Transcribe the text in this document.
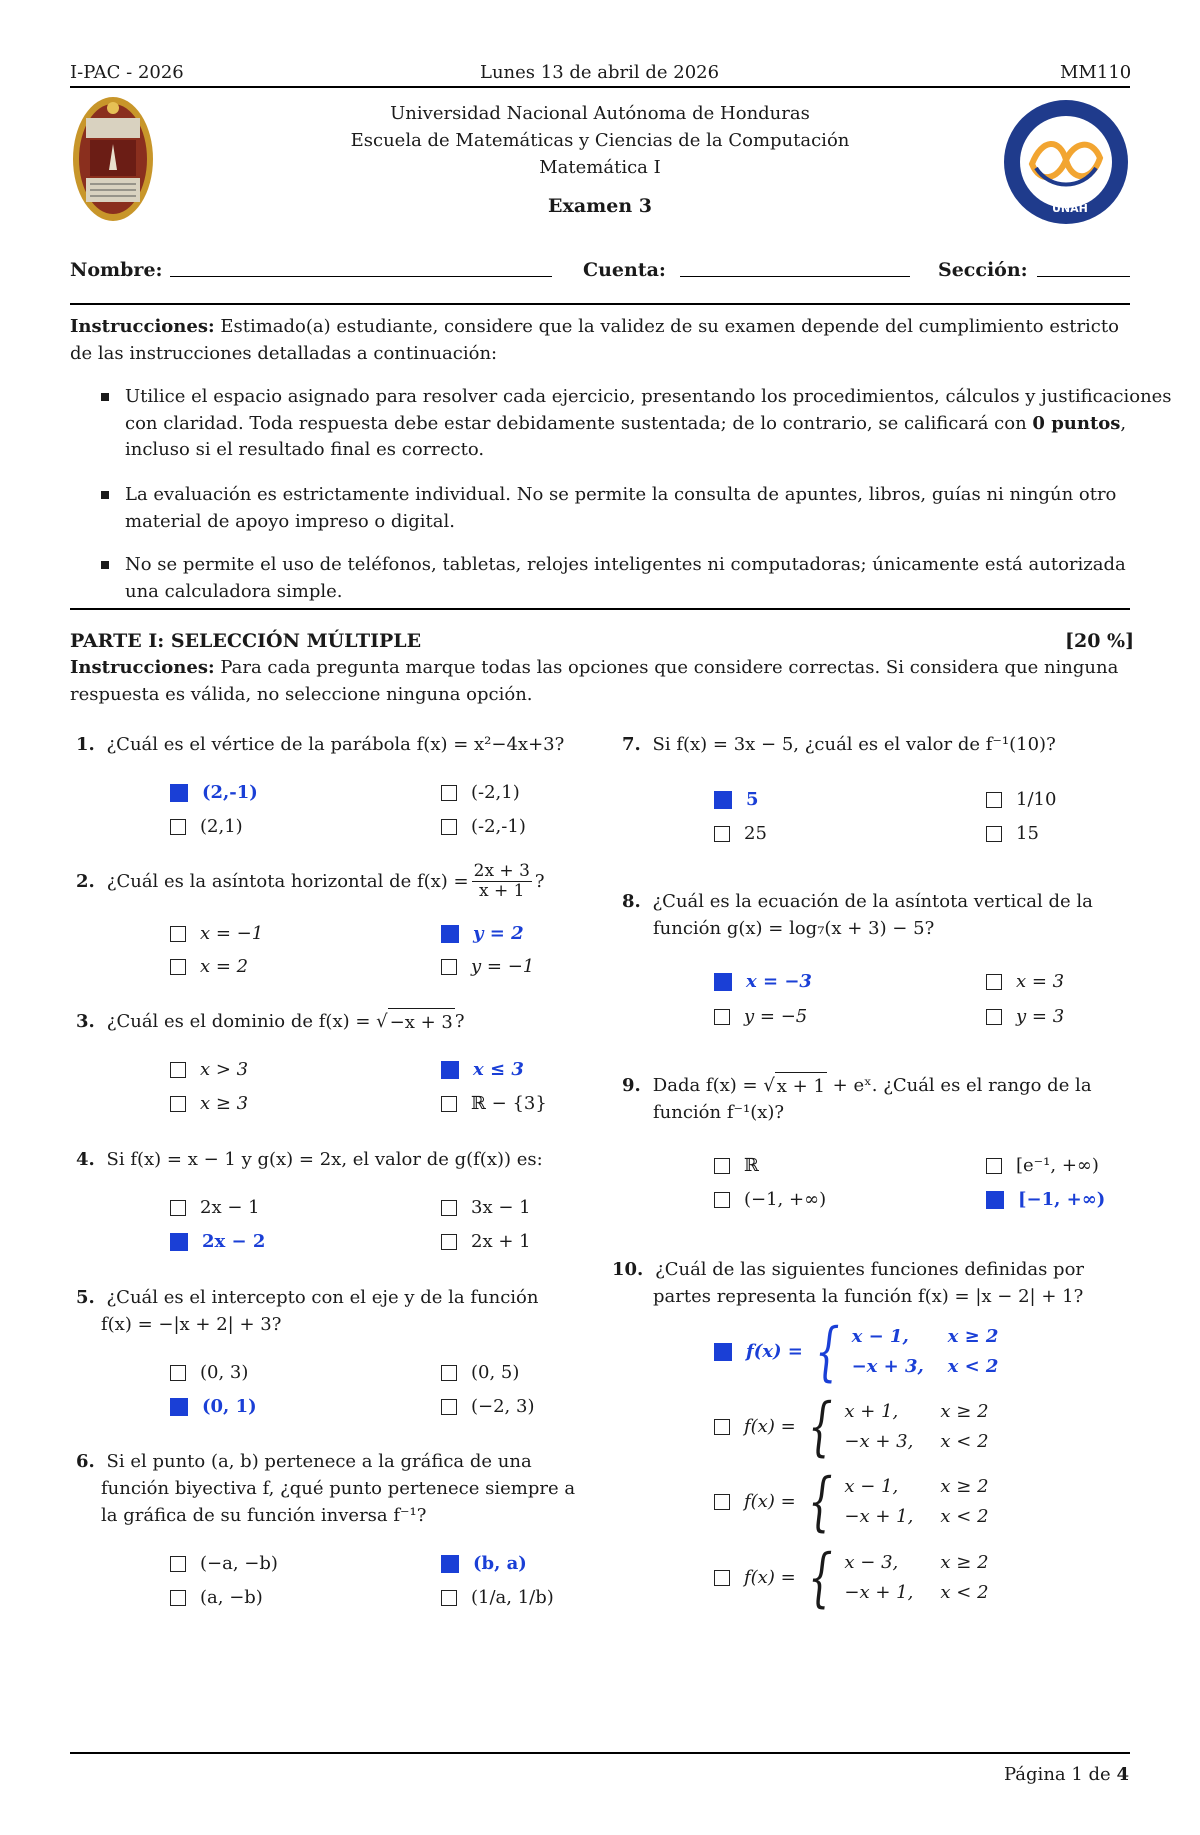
I-PAC - 2026	Lunes 13 de abril de 2026	MM110
UNAH
Universidad Nacional Autónoma de Honduras
Escuela de Matemáticas y Ciencias de la Computación
Matemática I
Examen 3
Nombre:	Cuenta:	Sección:
Instrucciones: Estimado(a) estudiante, considere que la validez de su examen depende del cumplimiento estricto
de las instrucciones detalladas a continuación:
Utilice el espacio asignado para resolver cada ejercicio, presentando los procedimientos, cálculos y justificaciones
con claridad. Toda respuesta debe estar debidamente sustentada; de lo contrario, se calificará con 0 puntos,
incluso si el resultado final es correcto.
La evaluación es estrictamente individual. No se permite la consulta de apuntes, libros, guías ni ningún otro
material de apoyo impreso o digital.
No se permite el uso de teléfonos, tabletas, relojes inteligentes ni computadoras; únicamente está autorizada
una calculadora simple.
PARTE I: SELECCIÓN MÚLTIPLE	[20 %]
Instrucciones: Para cada pregunta marque todas las opciones que considere correctas. Si considera que ninguna
respuesta es válida, no seleccione ninguna opción.
1. ¿Cuál es el vértice de la parábola f(x) = x²−4x+3?
(2,-1)	(-2,1)
(2,1)	(-2,-1)
2. ¿Cuál es la asíntota horizontal de $f(x) = \frac{2x + 3}{x + 1}$ ?
x = −1	y = 2
x = 2	y = −1
3. ¿Cuál es el dominio de f(x) = √ −x + 3 ?
x > 3	x ≤ 3
x ≥ 3	ℝ − {3}
4. Si f(x) = x − 1 y g(x) = 2x, el valor de g(f(x)) es:
2x − 1	3x − 1
2x − 2	2x + 1
5. ¿Cuál es el intercepto con el eje y de la función
f(x) = −|x + 2| + 3?
(0, 3)	(0, 5)
(0, 1)	(−2, 3)
6. Si el punto (a, b) pertenece a la gráfica de una
función biyectiva f, ¿qué punto pertenece siempre a
la gráfica de su función inversa f⁻¹?
(−a, −b)	(b, a)
(a, −b)	(1/a, 1/b)
7. Si f(x) = 3x − 5, ¿cuál es el valor de f⁻¹(10)?
5	1/10
25	15
8. ¿Cuál es la ecuación de la asíntota vertical de la
función g(x) = log₇(x + 3) − 5?
x = −3	x = 3
y = −5	y = 3
9. Dada f(x) = √ x + 1 + eˣ. ¿Cuál es el rango de la
función f⁻¹(x)?
ℝ	[e⁻¹, +∞)
(−1, +∞)	[−1, +∞)
10. ¿Cuál de las siguientes funciones definidas por
partes representa la función f(x) = |x − 2| + 1?
f(x) = { x − 1,	x ≥ 2
−x + 3,	x < 2
f(x) = { x + 1,	x ≥ 2
−x + 3,	x < 2
f(x) = { x − 1,	x ≥ 2
−x + 1,	x < 2
f(x) = { x − 3,	x ≥ 2
−x + 1,	x < 2
Página 1 de 4
